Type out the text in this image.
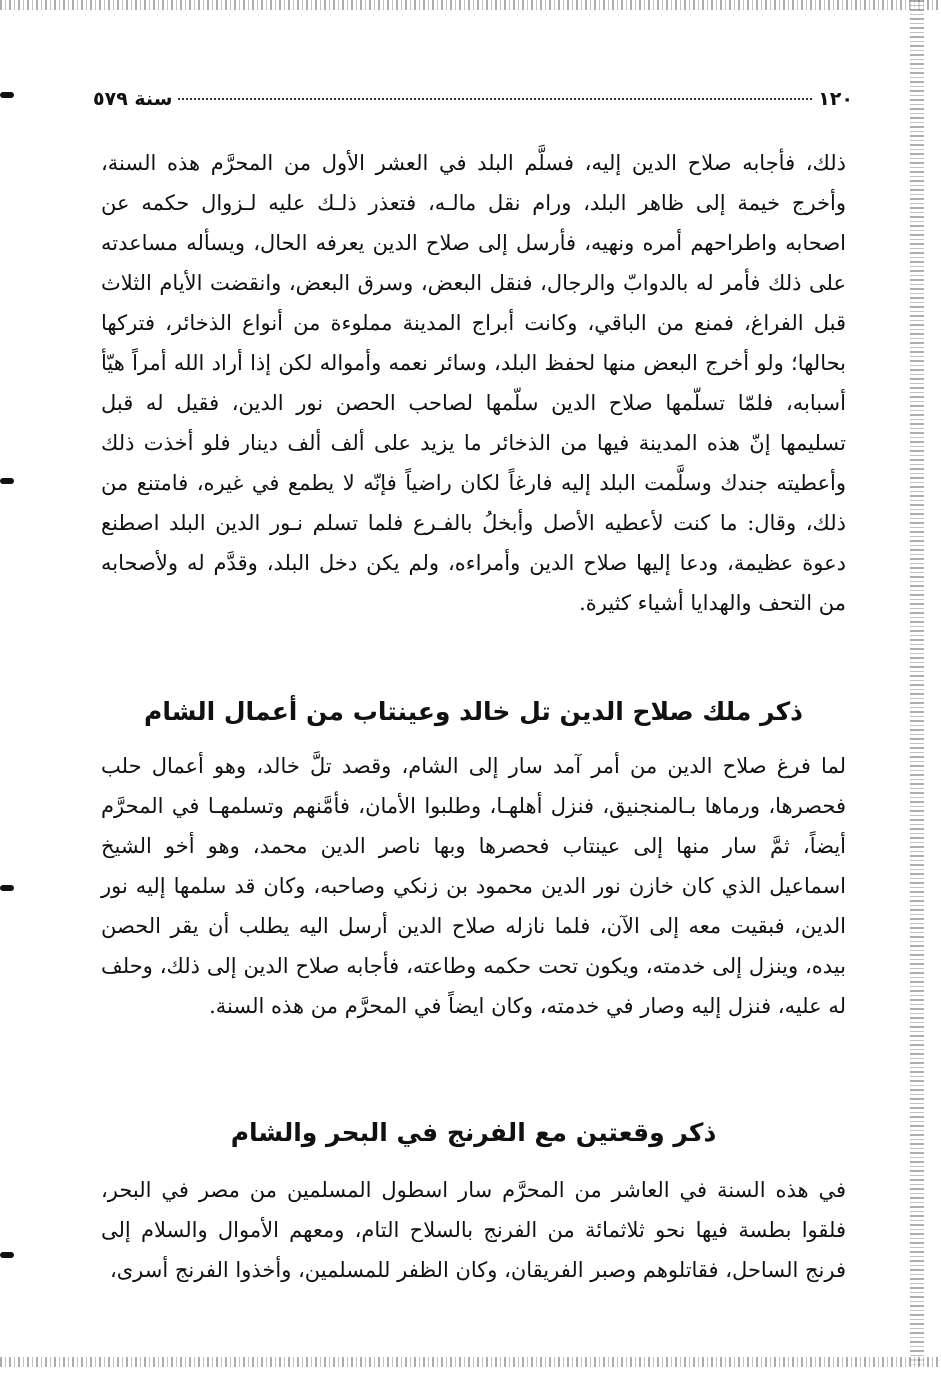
١٢٠
سنة ٥٧٩

ذلك، فأجابه صلاح الدين إليه، فسلَّم البلد في العشر الأول من المحرَّم هذه السنة، وأخرج خيمة إلى ظاهر البلد، ورام نقل مالـه، فتعذر ذلـك عليه لـزوال حكمه عن اصحابه واطراحهم أمره ونهيه، فأرسل إلى صلاح الدين يعرفه الحال، ويسأله مساعدته على ذلك فأمر له بالدوابّ والرجال، فنقل البعض، وسرق البعض، وانقضت الأيام الثلاث قبل الفراغ، فمنع من الباقي، وكانت أبراج المدينة مملوءة من أنواع الذخائر، فتركها بحالها؛ ولو أخرج البعض منها لحفظ البلد، وسائر نعمه وأمواله لكن إذا أراد الله أمراً هيّأ أسبابه، فلمّا تسلّمها صلاح الدين سلّمها لصاحب الحصن نور الدين، فقيل له قبل تسليمها إنّ هذه المدينة فيها من الذخائر ما يزيد على ألف ألف دينار فلو أخذت ذلك وأعطيته جندك وسلَّمت البلد إليه فارغاً لكان راضياً فإنّه لا يطمع في غيره، فامتنع من ذلك، وقال: ما كنت لأعطيه الأصل وأبخلُ بالفـرع فلما تسلم نـور الدين البلد اصطنع دعوة عظيمة، ودعا إليها صلاح الدين وأمراءه، ولم يكن دخل البلد، وقدَّم له ولأصحابه من التحف والهدايا أشياء كثيرة.

ذكر ملك صلاح الدين تل خالد وعينتاب من أعمال الشام

لما فرغ صلاح الدين من أمر آمد سار إلى الشام، وقصد تلَّ خالد، وهو أعمال حلب فحصرها، ورماها بـالمنجنيق، فنزل أهلهـا، وطلبوا الأمان، فأمَّنهم وتسلمهـا في المحرَّم أيضاً، ثمَّ سار منها إلى عينتاب فحصرها وبها ناصر الدين محمد، وهو أخو الشيخ اسماعيل الذي كان خازن نور الدين محمود بن زنكي وصاحبه، وكان قد سلمها إليه نور الدين، فبقيت معه إلى الآن، فلما نازله صلاح الدين أرسل اليه يطلب أن يقر الحصن بيده، وينزل إلى خدمته، ويكون تحت حكمه وطاعته، فأجابه صلاح الدين إلى ذلك، وحلف له عليه، فنزل إليه وصار في خدمته، وكان ايضاً في المحرَّم من هذه السنة.

ذكر وقعتين مع الفرنج في البحر والشام

في هذه السنة في العاشر من المحرَّم سار اسطول المسلمين من مصر في البحر، فلقوا بطسة فيها نحو ثلاثمائة من الفرنج بالسلاح التام، ومعهم الأموال والسلام إلى فرنج الساحل، فقاتلوهم وصبر الفريقان، وكان الظفر للمسلمين، وأخذوا الفرنج أسرى،
